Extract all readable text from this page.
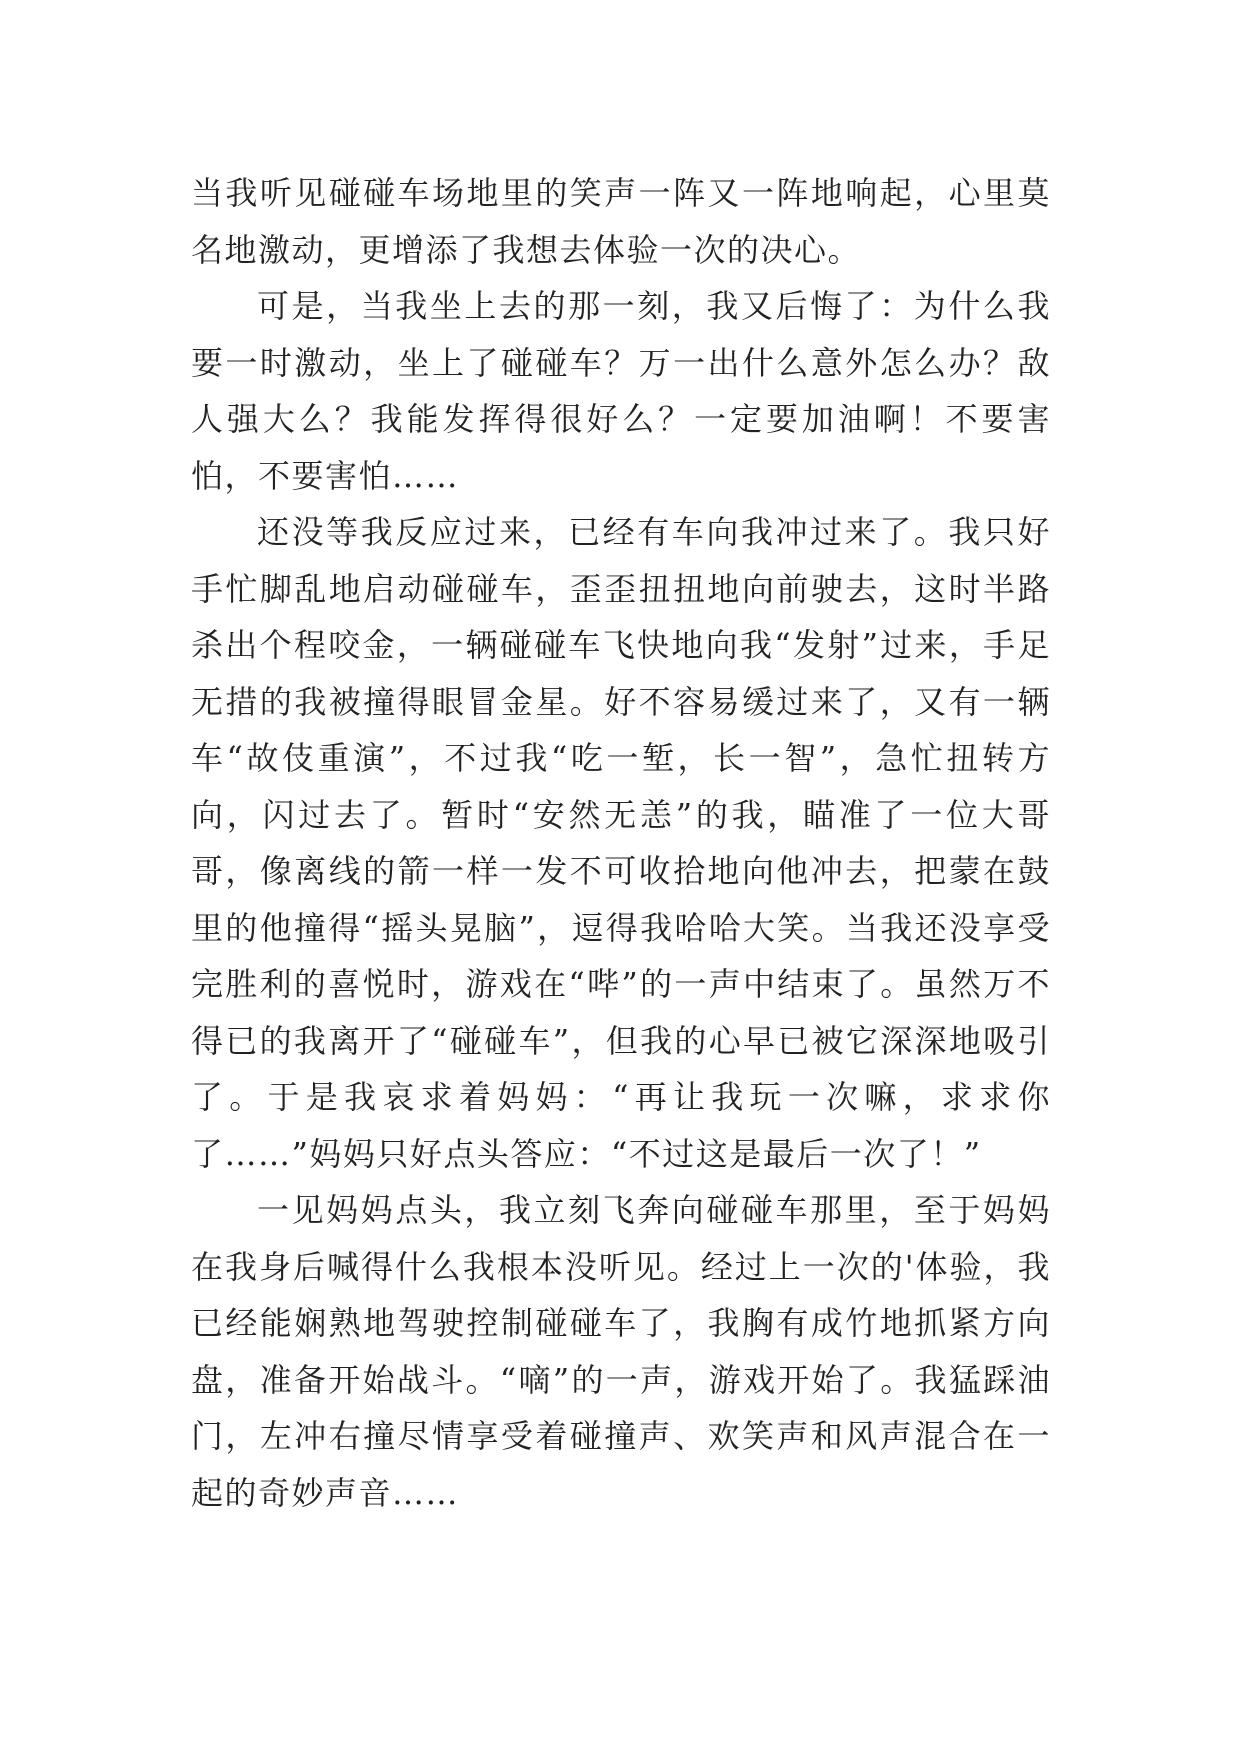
当我听见碰碰车场地里的笑声一阵又一阵地响起，心里莫名地激动，更增添了我想去体验一次的决心。

可是，当我坐上去的那一刻，我又后悔了：为什么我要一时激动，坐上了碰碰车？万一出什么意外怎么办？敌人强大么？我能发挥得很好么？一定要加油啊！不要害怕，不要害怕……

还没等我反应过来，已经有车向我冲过来了。我只好手忙脚乱地启动碰碰车，歪歪扭扭地向前驶去，这时半路杀出个程咬金，一辆碰碰车飞快地向我“发射”过来，手足无措的我被撞得眼冒金星。好不容易缓过来了，又有一辆车“故伎重演”，不过我“吃一堑，长一智”，急忙扭转方向，闪过去了。暂时“安然无恙”的我，瞄准了一位大哥哥，像离线的箭一样一发不可收拾地向他冲去，把蒙在鼓里的他撞得“摇头晃脑”，逗得我哈哈大笑。当我还没享受完胜利的喜悦时，游戏在“哔”的一声中结束了。虽然万不得已的我离开了“碰碰车”，但我的心早已被它深深地吸引了。于是我哀求着妈妈：“再让我玩一次嘛，求求你了……”妈妈只好点头答应：“不过这是最后一次了！”

一见妈妈点头，我立刻飞奔向碰碰车那里，至于妈妈在我身后喊得什么我根本没听见。经过上一次的'体验，我已经能娴熟地驾驶控制碰碰车了，我胸有成竹地抓紧方向盘，准备开始战斗。“嘀”的一声，游戏开始了。我猛踩油门，左冲右撞尽情享受着碰撞声、欢笑声和风声混合在一起的奇妙声音……
